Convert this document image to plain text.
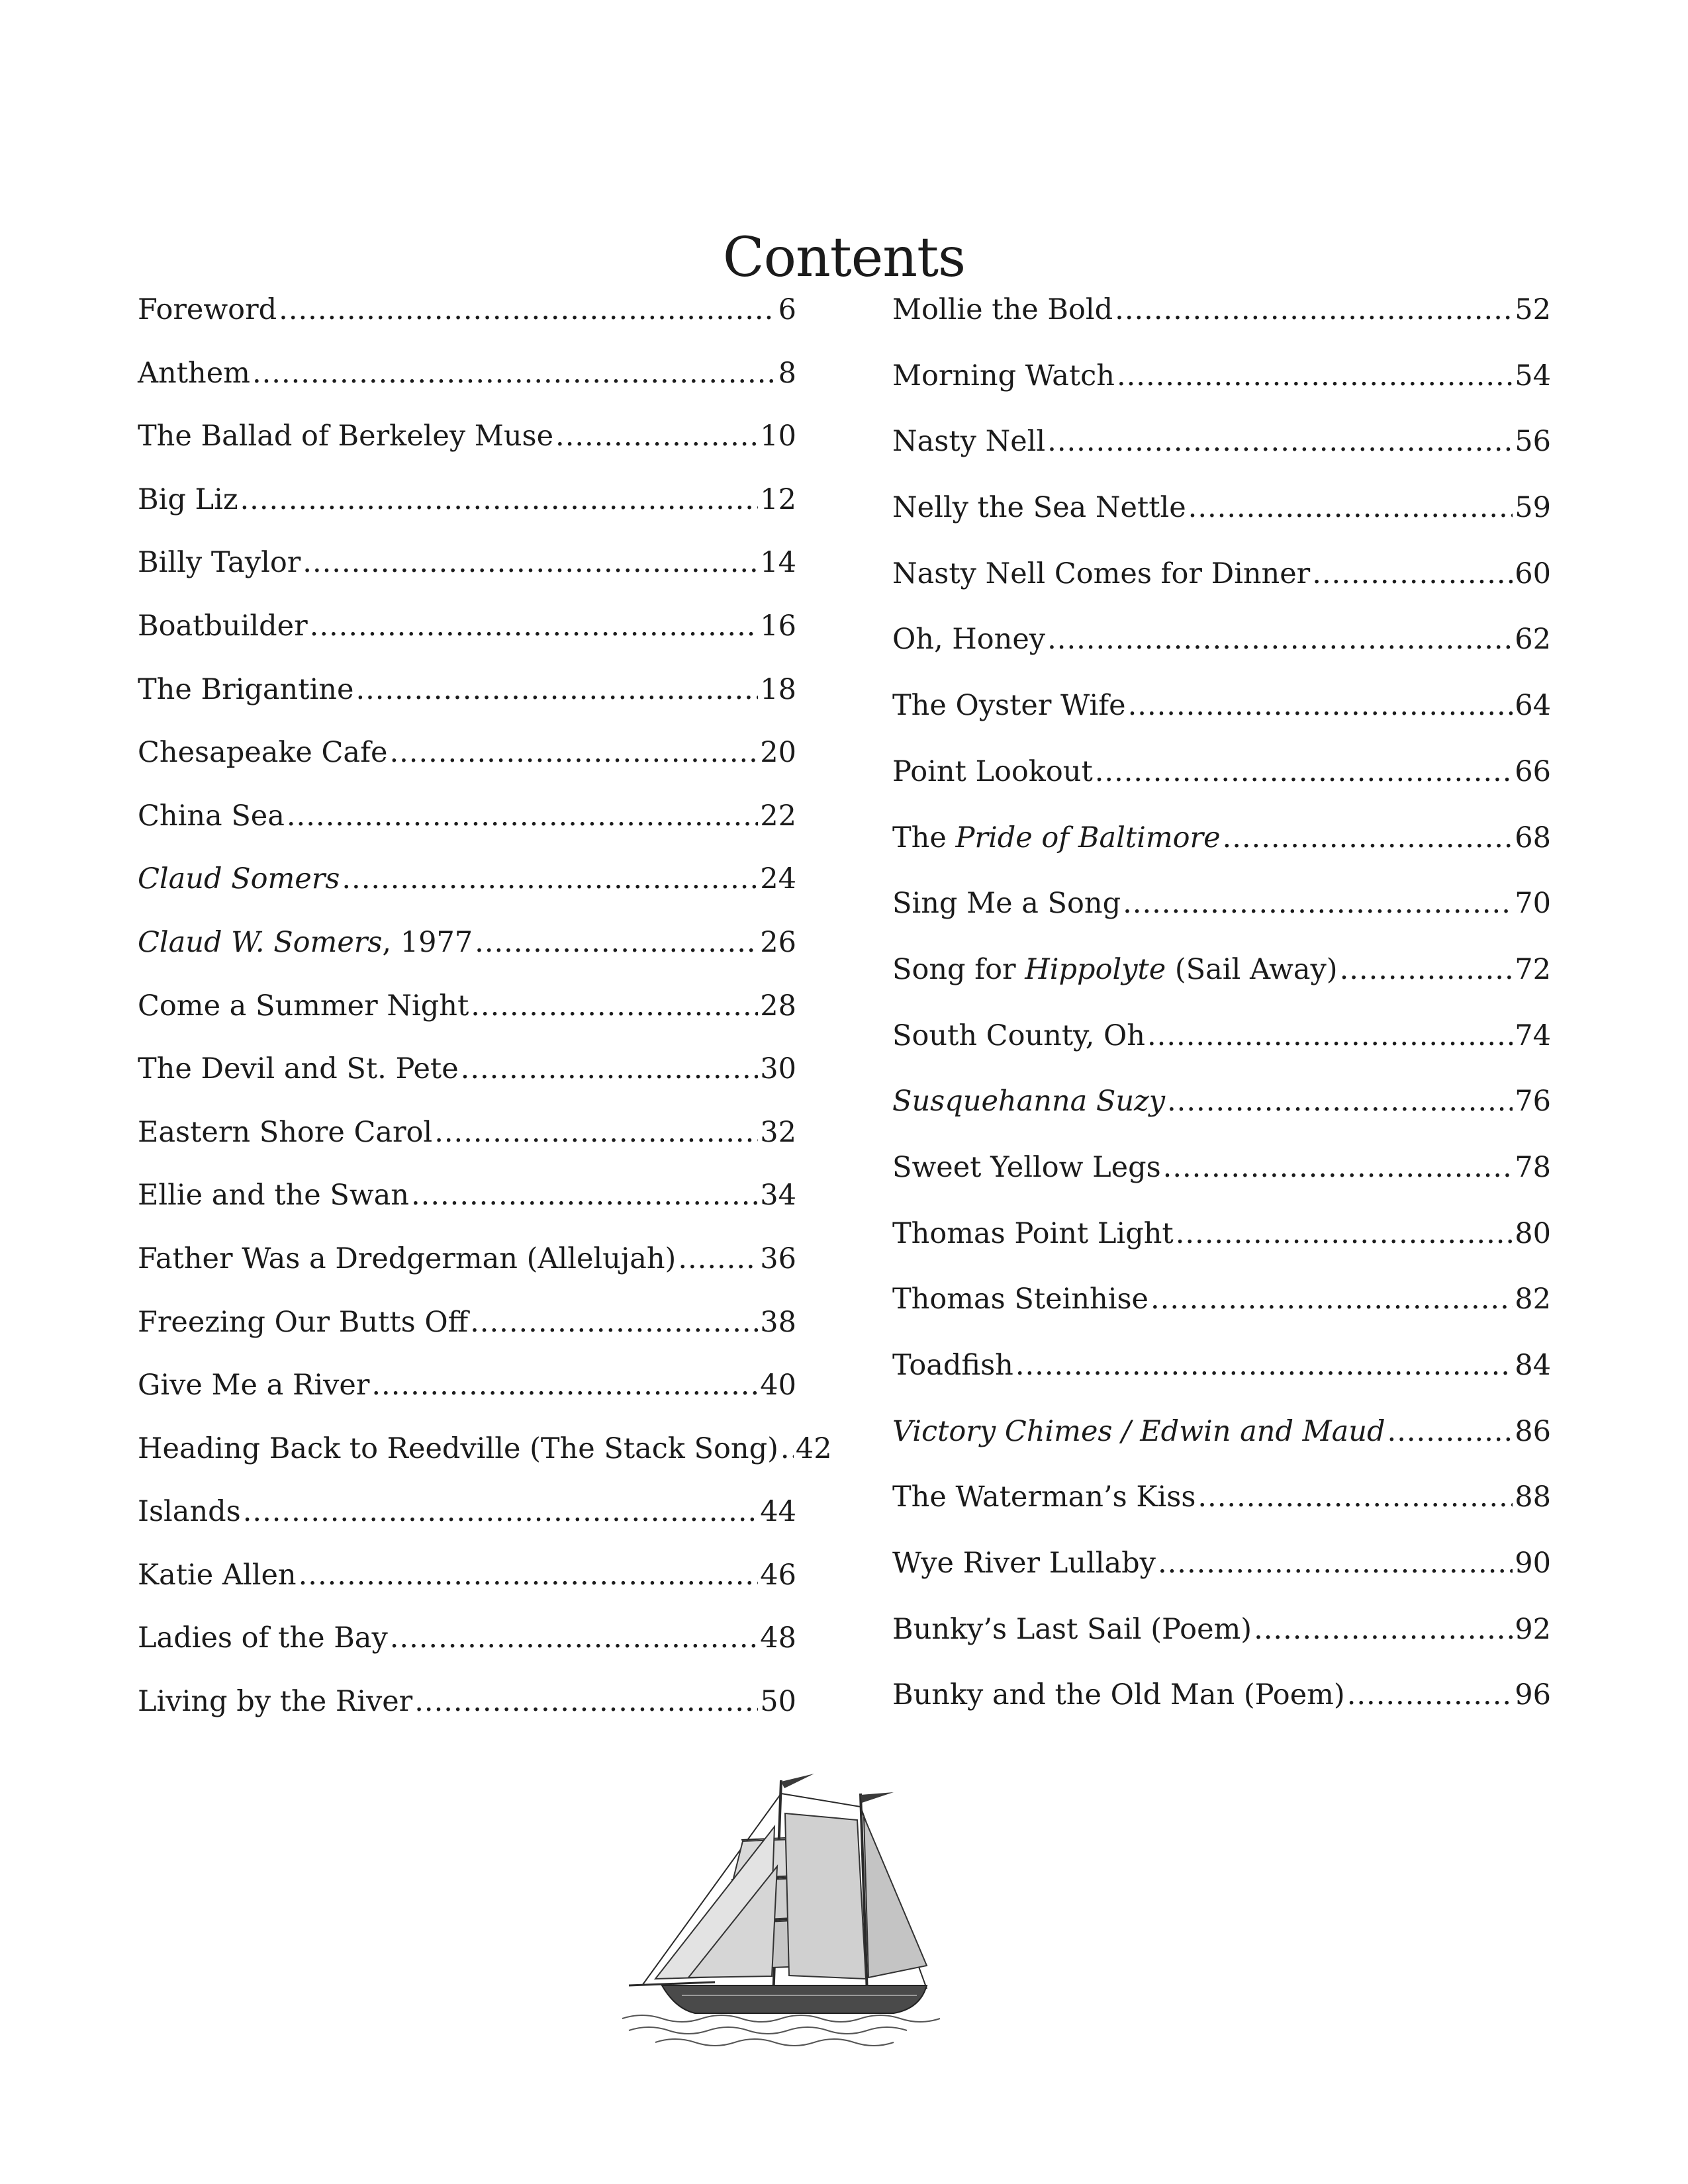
Contents
Foreword .....	6
Anthem .....	8
The Ballad of Berkeley Muse .....	10
Big Liz .....	12
Billy Taylor .....	14
Boatbuilder .....	16
The Brigantine .....	18
Chesapeake Cafe .....	20
China Sea .....	22
Claud Somers .....	24
Claud W. Somers, 1977 .....	26
Come a Summer Night .....	28
The Devil and St. Pete .....	30
Eastern Shore Carol .....	32
Ellie and the Swan .....	34
Father Was a Dredgerman (Allelujah) .....	36
Freezing Our Butts Off .....	38
Give Me a River .....	40
Heading Back to Reedville (The Stack Song) ..... 42
Islands .....	44
Katie Allen .....	46
Ladies of the Bay .....	48
Living by the River .....	50
Mollie the Bold .....	52
Morning Watch .....	54
Nasty Nell .....	56
Nelly the Sea Nettle .....	59
Nasty Nell Comes for Dinner .....	60
Oh, Honey .....	62
The Oyster Wife .....	64
Point Lookout .....	66
The Pride of Baltimore .....	68
Sing Me a Song .....	70
Song for Hippolyte (Sail Away) .....	72
South County, Oh .....	74
Susquehanna Suzy .....	76
Sweet Yellow Legs .....	78
Thomas Point Light .....	80
Thomas Steinhise .....	82
Toadfish .....	84
Victory Chimes / Edwin and Maud .....	86
The Waterman’s Kiss .....	88
Wye River Lullaby .....	90
Bunky’s Last Sail (Poem) .....	92
Bunky and the Old Man (Poem) .....	96
